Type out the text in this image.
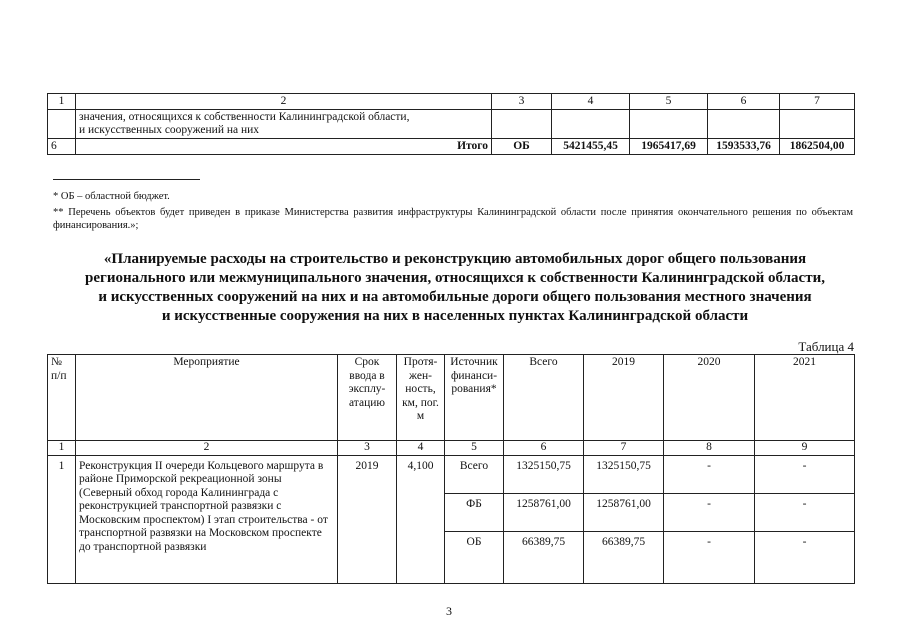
1	2	3	4	5	6	7

	значения, относящихся к собственности Калининградской области,
и искусственных сооружений на них					

6	Итого	ОБ	5421455,45	1965417,69	1593533,76	1862504,00
* ОБ – областной бюджет.
** Перечень объектов будет приведен в приказе Министерства развития инфраструктуры Калининградской области после принятия окончательного решения по объектам финансирования.»;
«Планируемые расходы на строительство и реконструкцию автомобильных дорог общего пользования
регионального или межмуниципального значения, относящихся к собственности Калининградской области,
и искусственных сооружений на них и на автомобильные дороги общего пользования местного значения
и искусственные сооружения на них в населенных пунктах Калининградской области
Таблица 4
№ п/п	Мероприятие	Срок ввода в эксплу-атацию	Протя-жен-ность, км, пог. м	Источник финанси-рования*	Всего	2019	2020	2021
1	2	3	4	5	6	7	8	9
1	Реконструкция II очереди Кольцевого маршрута в районе Приморской рекреационной зоны (Северный обход города Калининграда с реконструкцией транспортной развязки с Московским проспектом) I этап строительства - от транспортной развязки на Московском проспекте до транспортной развязки	2019	4,100	Всего	1325150,75	1325150,75	-	-
				ФБ	1258761,00	1258761,00	-	-
				ОБ	66389,75	66389,75	-	-
3
